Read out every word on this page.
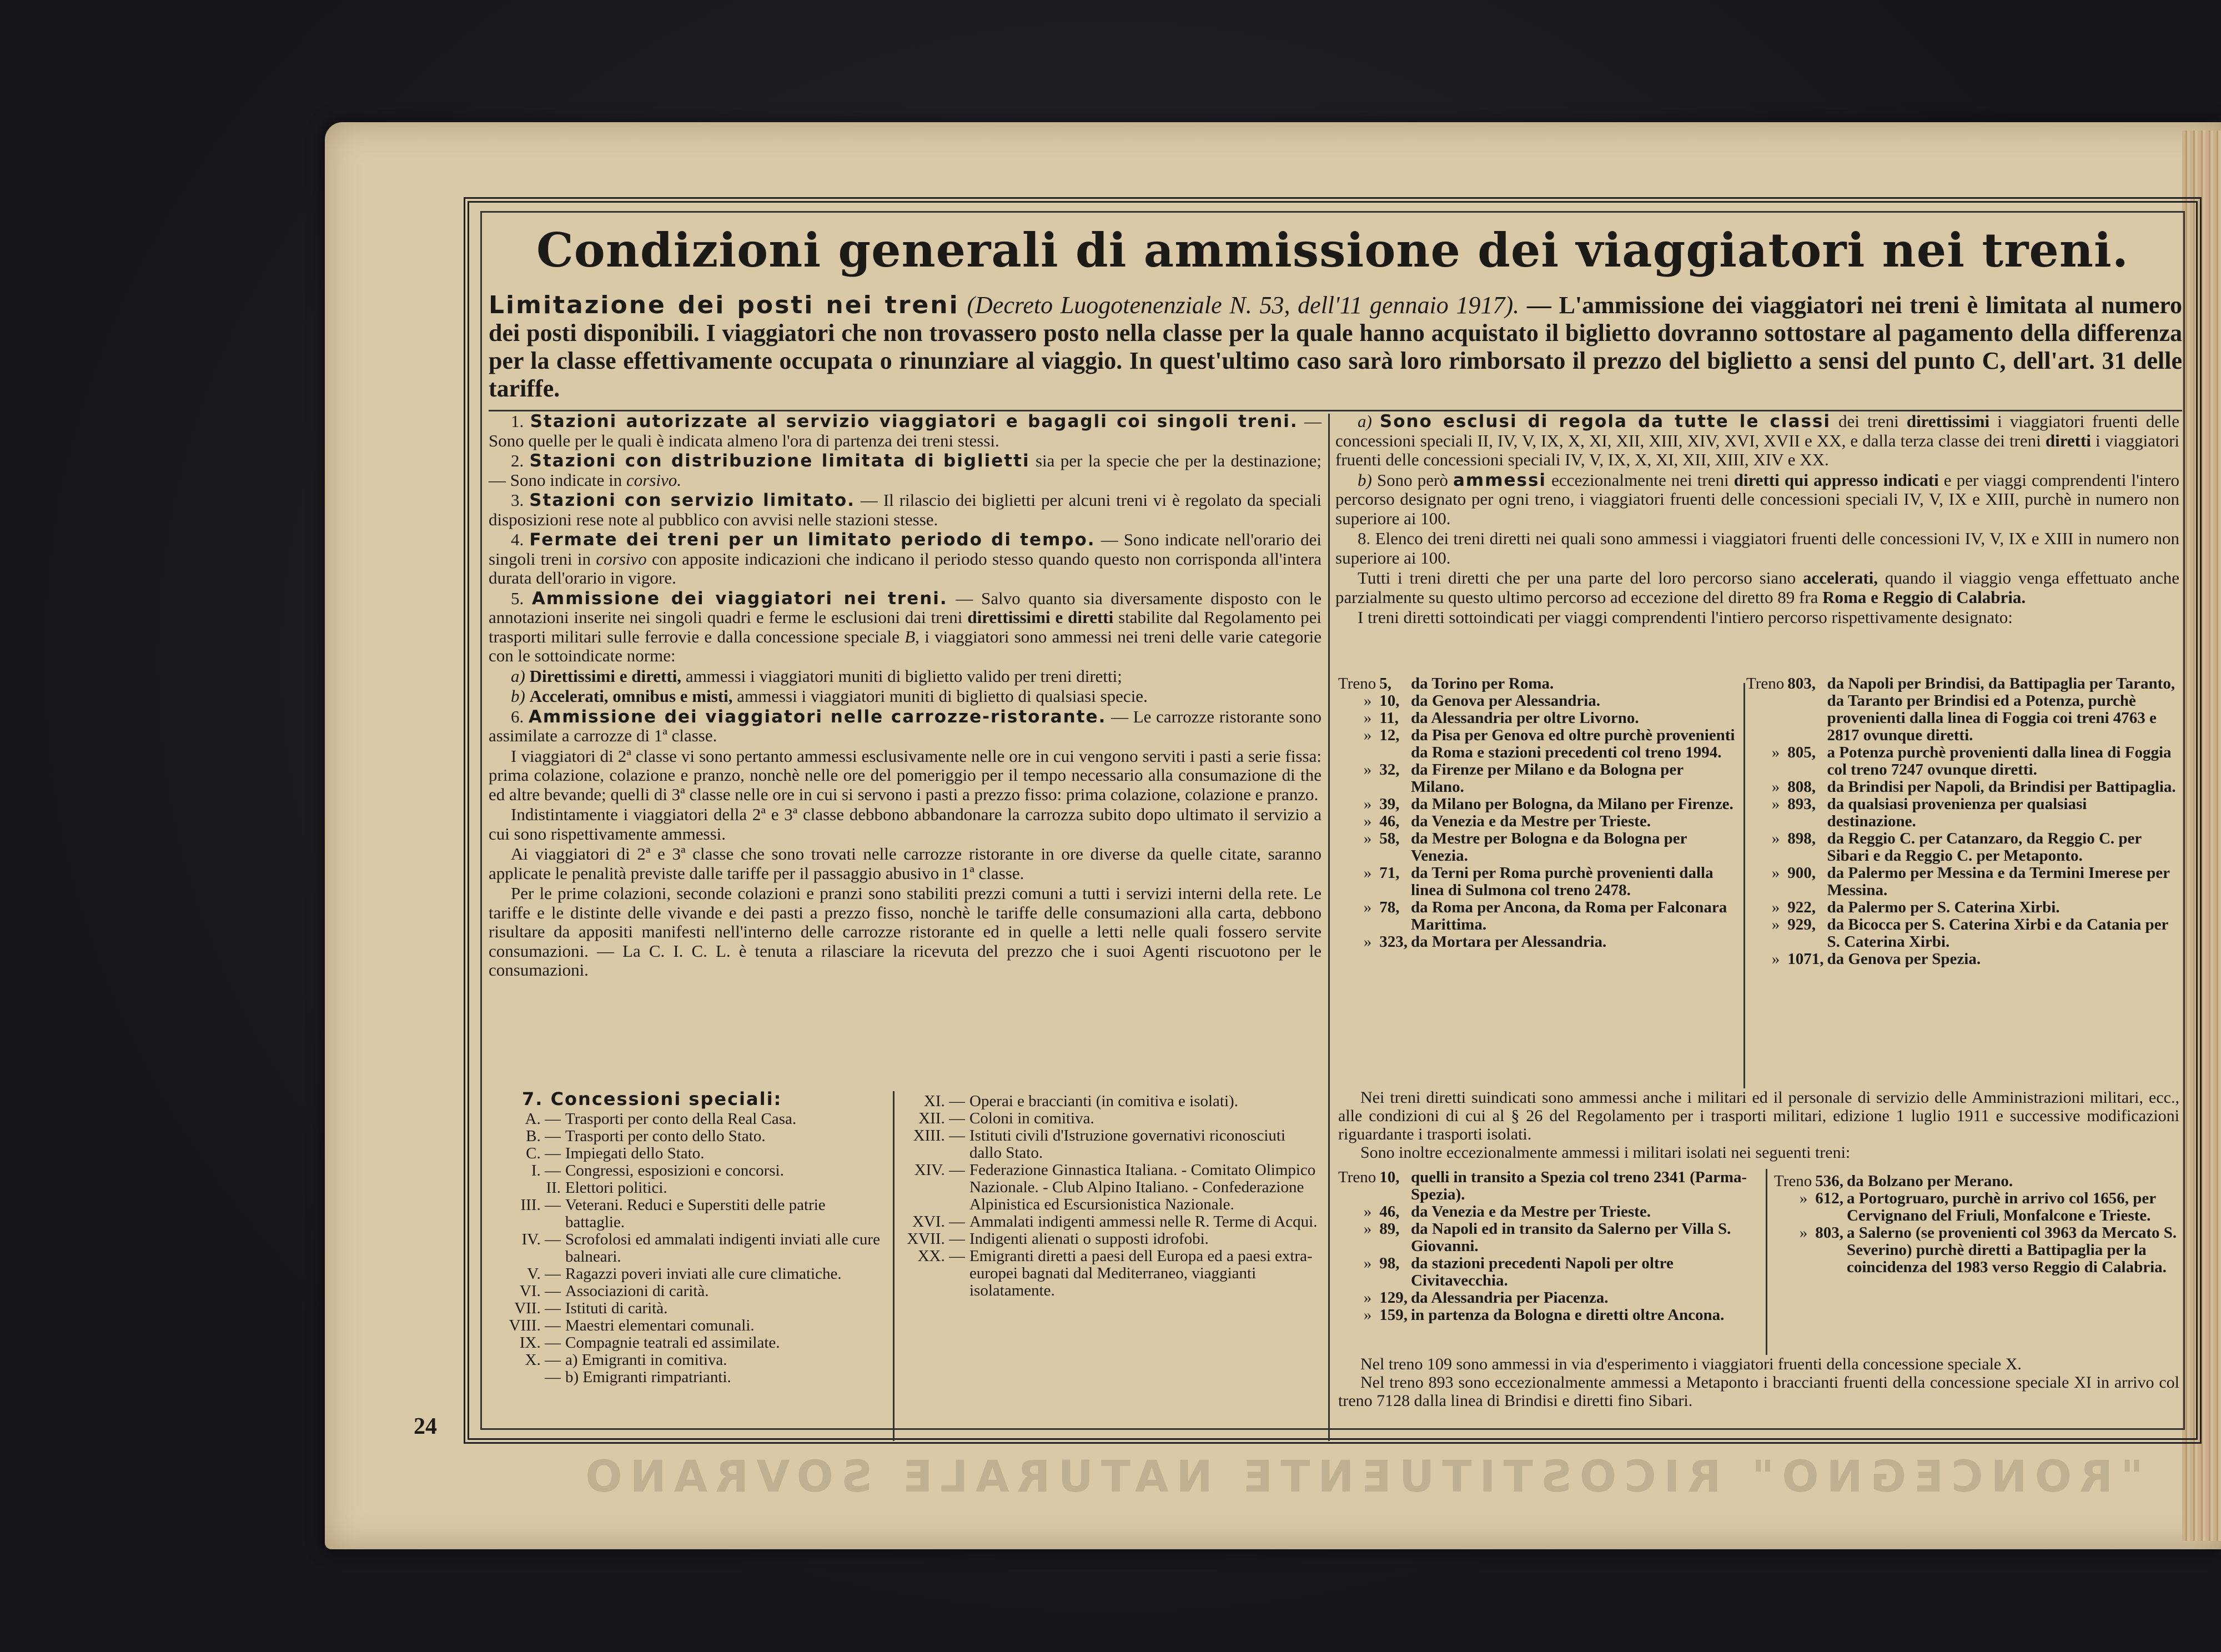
"RONCEGNO" RICOSTITUENTE NATURALE SOVRANO
Condizioni generali di ammissione dei viaggiatori nei treni.

Limitazione dei posti nei treni (Decreto Luogotenenziale N. 53, dell'11 gennaio 1917). — L'ammissione dei viaggiatori nei treni è limitata al numero dei posti disponibili. I viaggiatori che non trovassero posto nella classe per la quale hanno acquistato il biglietto dovranno sottostare al pagamento della differenza per la classe effettivamente occupata o rinunziare al viaggio. In quest'ultimo caso sarà loro rimborsato il prezzo del biglietto a sensi del punto C, dell'art. 31 delle tariffe.

1. Stazioni autorizzate al servizio viaggiatori e bagagli coi singoli treni. — Sono quelle per le quali è indicata almeno l'ora di partenza dei treni stessi.

2. Stazioni con distribuzione limitata di biglietti sia per la specie che per la destinazione; — Sono indicate in corsivo.

3. Stazioni con servizio limitato. — Il rilascio dei biglietti per alcuni treni vi è regolato da speciali disposizioni rese note al pubblico con avvisi nelle stazioni stesse.

4. Fermate dei treni per un limitato periodo di tempo. — Sono indicate nell'orario dei singoli treni in corsivo con apposite indicazioni che indicano il periodo stesso quando questo non corrisponda all'intera durata dell'orario in vigore.

5. Ammissione dei viaggiatori nei treni. — Salvo quanto sia diversamente disposto con le annotazioni inserite nei singoli quadri e ferme le esclusioni dai treni direttissimi e diretti stabilite dal Regolamento pei trasporti militari sulle ferrovie e dalla concessione speciale B, i viaggiatori sono ammessi nei treni delle varie categorie con le sottoindicate norme:

a) Direttissimi e diretti, ammessi i viaggiatori muniti di biglietto valido per treni diretti;

b) Accelerati, omnibus e misti, ammessi i viaggiatori muniti di biglietto di qualsiasi specie.

6. Ammissione dei viaggiatori nelle carrozze-ristorante. — Le carrozze ristorante sono assimilate a carrozze di 1ª classe.

I viaggiatori di 2ª classe vi sono pertanto ammessi esclusivamente nelle ore in cui vengono serviti i pasti a serie fissa: prima colazione, colazione e pranzo, nonchè nelle ore del pomeriggio per il tempo necessario alla consumazione di the ed altre bevande; quelli di 3ª classe nelle ore in cui si servono i pasti a prezzo fisso: prima colazione, colazione e pranzo.

Indistintamente i viaggiatori della 2ª e 3ª classe debbono abbandonare la carrozza subito dopo ultimato il servizio a cui sono rispettivamente ammessi.

Ai viaggiatori di 2ª e 3ª classe che sono trovati nelle carrozze ristorante in ore diverse da quelle citate, saranno applicate le penalità previste dalle tariffe per il passaggio abusivo in 1ª classe.

Per le prime colazioni, seconde colazioni e pranzi sono stabiliti prezzi comuni a tutti i servizi interni della rete. Le tariffe e le distinte delle vivande e dei pasti a prezzo fisso, nonchè le tariffe delle consumazioni alla carta, debbono risultare da appositi manifesti nell'interno delle carrozze ristorante ed in quelle a letti nelle quali fossero servite consumazioni. — La C. I. C. L. è tenuta a rilasciare la ricevuta del prezzo che i suoi Agenti riscuotono per le consumazioni.

7. Concessioni speciali:
A. — Trasporti per conto della Real Casa.
B. — Trasporti per conto dello Stato.
C. — Impiegati dello Stato.
I. — Congressi, esposizioni e concorsi.
II. Elettori politici.
III. — Veterani. Reduci e Superstiti delle patrie battaglie.
IV. — Scrofolosi ed ammalati indigenti inviati alle cure balneari.
V. — Ragazzi poveri inviati alle cure climatiche.
VI. — Associazioni di carità.
VII. — Istituti di carità.
VIII. — Maestri elementari comunali.
IX. — Compagnie teatrali ed assimilate.
X. — a) Emigranti in comitiva.
— b) Emigranti rimpatrianti.
XI. — Operai e braccianti (in comitiva e isolati).
XII. — Coloni in comitiva.
XIII. — Istituti civili d'Istruzione governativi riconosciuti dallo Stato.
XIV. — Federazione Ginnastica Italiana. - Comitato Olimpico Nazionale. - Club Alpino Italiano. - Confederazione Alpinistica ed Escursionistica Nazionale.
XVI. — Ammalati indigenti ammessi nelle R. Terme di Acqui.
XVII. — Indigenti alienati o supposti idrofobi.
XX. — Emigranti diretti a paesi dell Europa ed a paesi extra-europei bagnati dal Mediterraneo, viaggianti isolatamente.

a) Sono esclusi di regola da tutte le classi dei treni direttissimi i viaggiatori fruenti delle concessioni speciali II, IV, V, IX, X, XI, XII, XIII, XIV, XVI, XVII e XX, e dalla terza classe dei treni diretti i viaggiatori fruenti delle concessioni speciali IV, V, IX, X, XI, XII, XIII, XIV e XX.

b) Sono però ammessi eccezionalmente nei treni diretti qui appresso indicati e per viaggi comprendenti l'intero percorso designato per ogni treno, i viaggiatori fruenti delle concessioni speciali IV, V, IX e XIII, purchè in numero non superiore ai 100.

8. Elenco dei treni diretti nei quali sono ammessi i viaggiatori fruenti delle concessioni IV, V, IX e XIII in numero non superiore ai 100.

Tutti i treni diretti che per una parte del loro percorso siano accelerati, quando il viaggio venga effettuato anche parzialmente su questo ultimo percorso ad eccezione del diretto 89 fra Roma e Reggio di Calabria.

I treni diretti sottoindicati per viaggi comprendenti l'intiero percorso rispettivamente designato:

Treno	5,	da Torino per Roma.
»	10,	da Genova per Alessandria.
»	11,	da Alessandria per oltre Livorno.
»	12,	da Pisa per Genova ed oltre purchè provenienti da Roma e stazioni precedenti col treno 1994.
»	32,	da Firenze per Milano e da Bologna per Milano.
»	39,	da Milano per Bologna, da Milano per Firenze.
»	46,	da Venezia e da Mestre per Trieste.
»	58,	da Mestre per Bologna e da Bologna per Venezia.
»	71,	da Terni per Roma purchè provenienti dalla linea di Sulmona col treno 2478.
»	78,	da Roma per Ancona, da Roma per Falconara Marittima.
»	323,	da Mortara per Alessandria.
Treno	803,	da Napoli per Brindisi, da Battipaglia per Taranto, da Taranto per Brindisi ed a Potenza, purchè provenienti dalla linea di Foggia coi treni 4763 e 2817 ovunque diretti.
»	805,	a Potenza purchè provenienti dalla linea di Foggia col treno 7247 ovunque diretti.
»	808,	da Brindisi per Napoli, da Brindisi per Battipaglia.
»	893,	da qualsiasi provenienza per qualsiasi destinazione.
»	898,	da Reggio C. per Catanzaro, da Reggio C. per Sibari e da Reggio C. per Metaponto.
»	900,	da Palermo per Messina e da Termini Imerese per Messina.
»	922,	da Palermo per S. Caterina Xirbi.
»	929,	da Bicocca per S. Caterina Xirbi e da Catania per S. Caterina Xirbi.
»	1071,	da Genova per Spezia.
Nei treni diretti suindicati sono ammessi anche i militari ed il personale di servizio delle Amministrazioni militari, ecc., alle condizioni di cui al § 26 del Regolamento per i trasporti militari, edizione 1 luglio 1911 e successive modificazioni riguardante i trasporti isolati.
Sono inoltre eccezionalmente ammessi i militari isolati nei seguenti treni:
Treno	10,	quelli in transito a Spezia col treno 2341 (Parma-Spezia).
»	46,	da Venezia e da Mestre per Trieste.
»	89,	da Napoli ed in transito da Salerno per Villa S. Giovanni.
»	98,	da stazioni precedenti Napoli per oltre Civitavecchia.
»	129,	da Alessandria per Piacenza.
»	159,	in partenza da Bologna e diretti oltre Ancona.
Treno	536,	da Bolzano per Merano.
»	612,	a Portogruaro, purchè in arrivo col 1656, per Cervignano del Friuli, Monfalcone e Trieste.
»	803,	a Salerno (se provenienti col 3963 da Mercato S. Severino) purchè diretti a Battipaglia per la coincidenza del 1983 verso Reggio di Calabria.
Nel treno 109 sono ammessi in via d'esperimento i viaggiatori fruenti della concessione speciale X.
Nel treno 893 sono eccezionalmente ammessi a Metaponto i braccianti fruenti della concessione speciale XI in arrivo col treno 7128 dalla linea di Brindisi e diretti fino Sibari.
24
